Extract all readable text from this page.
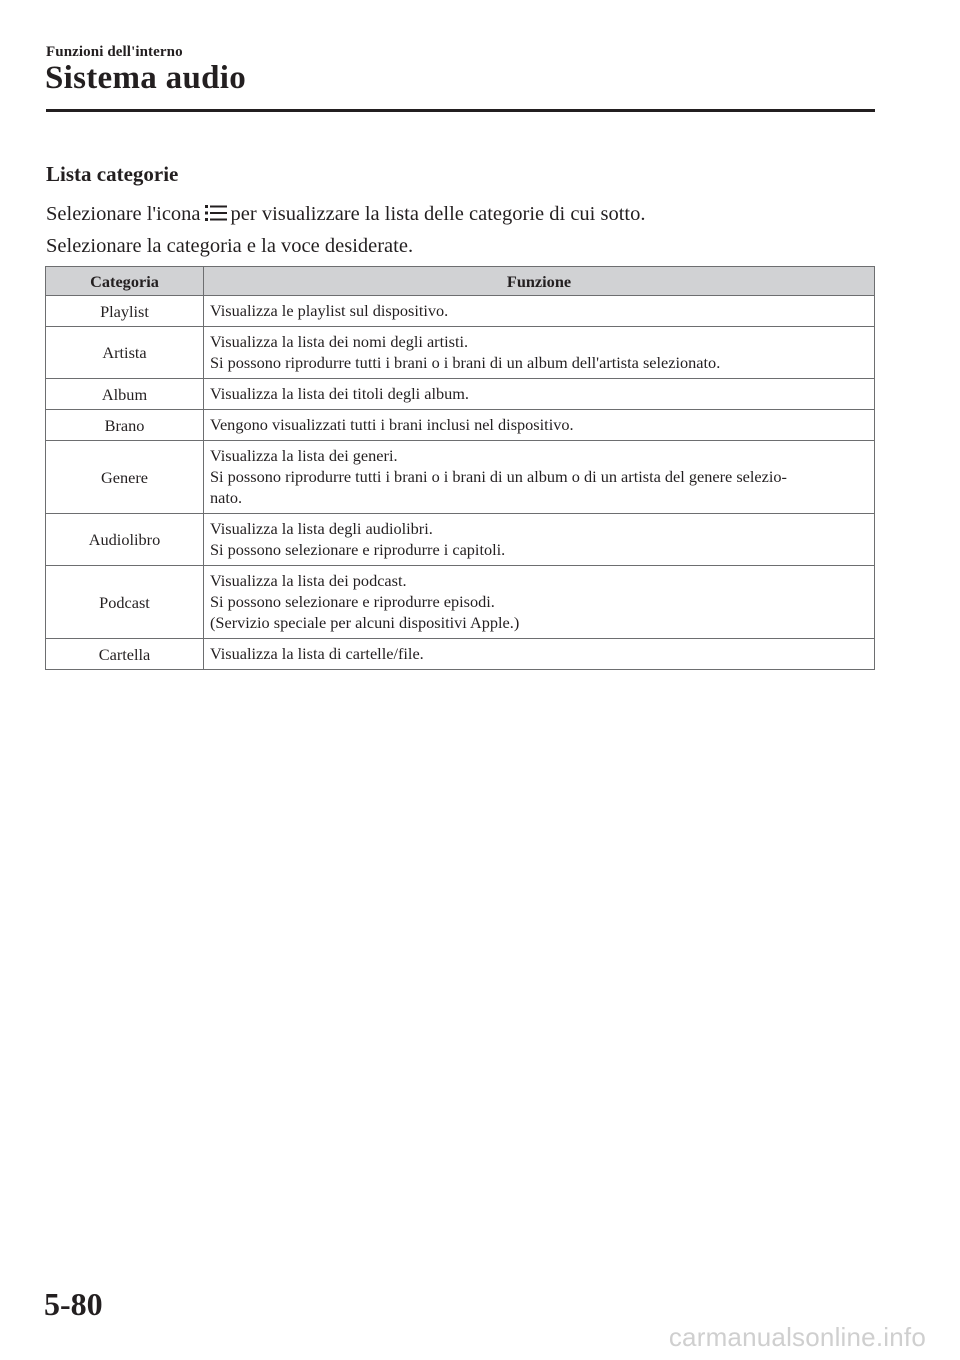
Funzioni dell'interno
Sistema audio
Lista categorie

Selezionare l'icona per visualizzare la lista delle categorie di cui sotto.

Selezionare la categoria e la voce desiderate.

Categoria	Funzione
Playlist	Visualizza le playlist sul dispositivo.

Artista	Visualizza la lista dei nomi degli artisti.
Si possono riprodurre tutti i brani o i brani di un album dell'artista selezionato.

Album	Visualizza la lista dei titoli degli album.

Brano	Vengono visualizzati tutti i brani inclusi nel dispositivo.

Genere	Visualizza la lista dei generi.
Si possono riprodurre tutti i brani o i brani di un album o di un artista del genere selezio-
nato.

Audiolibro	Visualizza la lista degli audiolibri.
Si possono selezionare e riprodurre i capitoli.

Podcast	Visualizza la lista dei podcast.
Si possono selezionare e riprodurre episodi.
(Servizio speciale per alcuni dispositivi Apple.)

Cartella	Visualizza la lista di cartelle/file.
5-80
carmanualsonline.info
